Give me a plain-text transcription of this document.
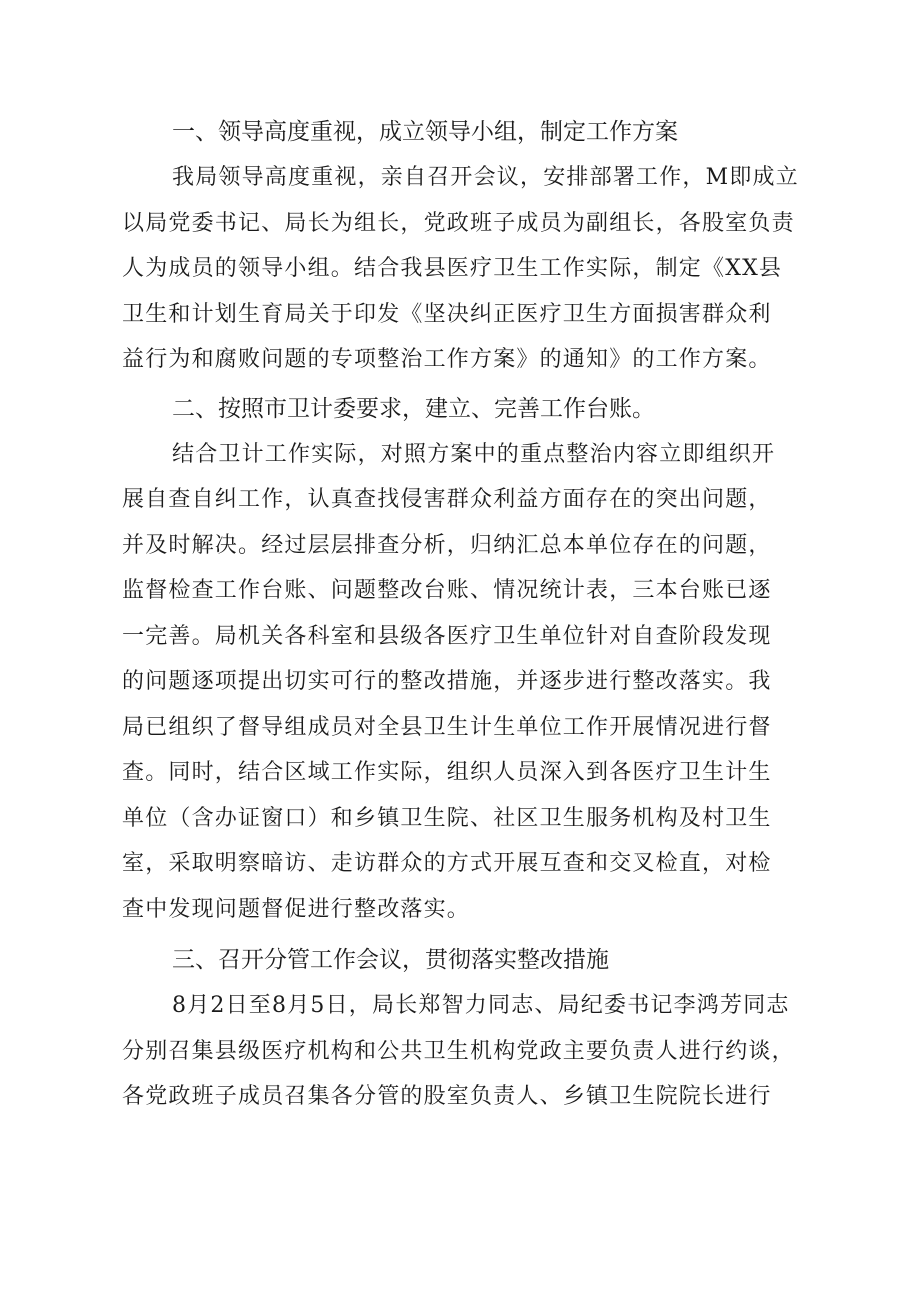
一、领导高度重视，成立领导小组，制定工作方案
我局领导高度重视，亲自召开会议，安排部署工作，M即成立
以局党委书记、局长为组长，党政班子成员为副组长，各股室负责
人为成员的领导小组。结合我县医疗卫生工作实际，制定《XX县
卫生和计划生育局关于印发《坚决纠正医疗卫生方面损害群众利
益行为和腐败问题的专项整治工作方案》的通知》的工作方案。
二、按照市卫计委要求，建立、完善工作台账。
结合卫计工作实际，对照方案中的重点整治内容立即组织开
展自查自纠工作，认真查找侵害群众利益方面存在的突出问题，
并及时解决。经过层层排查分析，归纳汇总本单位存在的问题，
监督检查工作台账、问题整改台账、情况统计表，三本台账已逐
一完善。局机关各科室和县级各医疗卫生单位针对自查阶段发现
的问题逐项提出切实可行的整改措施，并逐步进行整改落实。我
局已组织了督导组成员对全县卫生计生单位工作开展情况进行督
查。同时，结合区域工作实际，组织人员深入到各医疗卫生计生
单位（含办证窗口）和乡镇卫生院、社区卫生服务机构及村卫生
室，采取明察暗访、走访群众的方式开展互查和交叉检直，对检
查中发现问题督促进行整改落实。
三、召开分管工作会议，贯彻落实整改措施
8月2日至8月5日，局长郑智力同志、局纪委书记李鸿芳同志
分别召集县级医疗机构和公共卫生机构党政主要负责人进行约谈，
各党政班子成员召集各分管的股室负责人、乡镇卫生院院长进行
